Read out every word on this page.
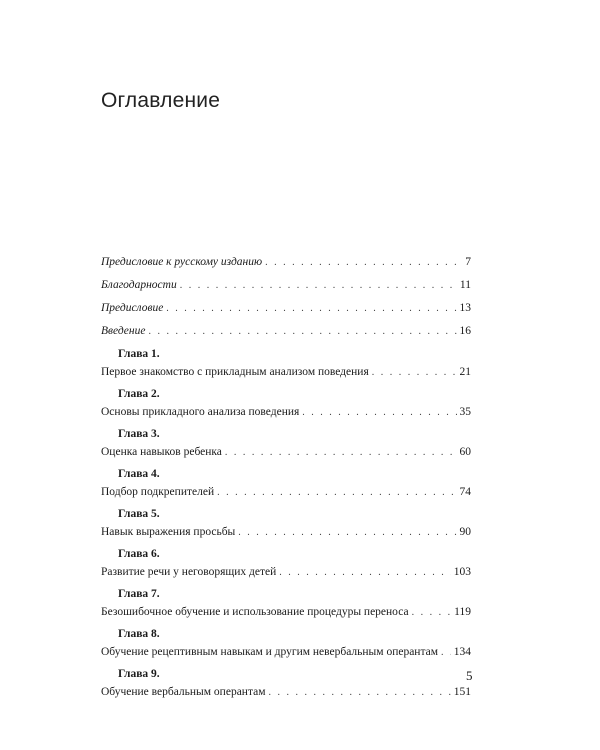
Оглавление
Предисловие к русскому изданию . . .	7
Благодарности . . .	11
Предисловие . . .	13
Введение . . .	16
Глава 1.
Первое знакомство с прикладным анализом поведения . . .	21
Глава 2.
Основы прикладного анализа поведения . . .	35
Глава 3.
Оценка навыков ребенка . . .	60
Глава 4.
Подбор подкрепителей . . .	74
Глава 5.
Навык выражения просьбы . . .	90
Глава 6.
Развитие речи у неговорящих детей . . .	103
Глава 7.
Безошибочное обучение и использование процедуры переноса . . .	119
Глава 8.
Обучение рецептивным навыкам и другим невербальным оперантам . . . 134
Глава 9.
Обучение вербальным оперантам . . .	151
5
